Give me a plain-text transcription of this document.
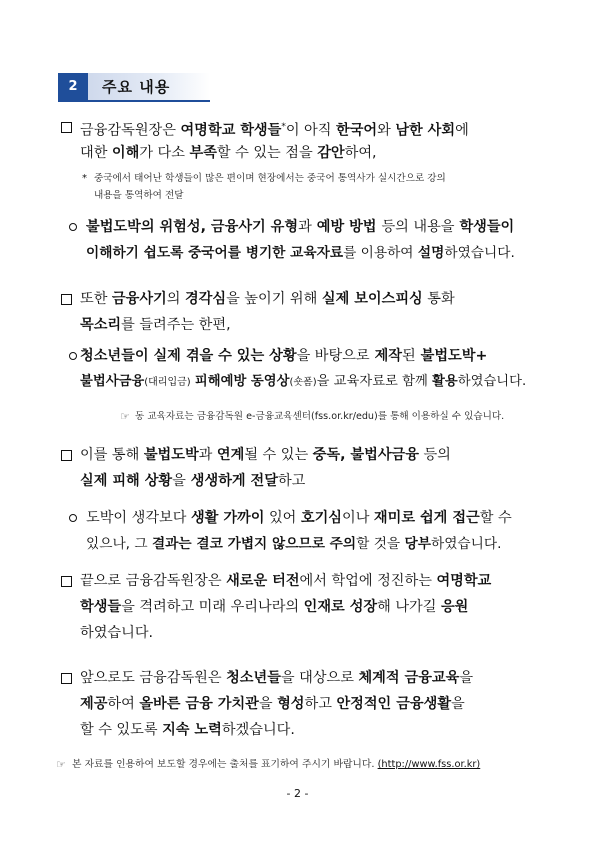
2	주요 내용
금융감독원장은 여명학교 학생들*이 아직 한국어와 남한 사회에
대한 이해가 다소 부족할 수 있는 점을 감안하여,
* 중국에서 태어난 학생들이 많은 편이며 현장에서는 중국어 통역사가 실시간으로 강의
내용을 통역하여 전달
불법도박의 위험성, 금융사기 유형과 예방 방법 등의 내용을 학생들이
이해하기 쉽도록 중국어를 병기한 교육자료를 이용하여 설명하였습니다.
또한 금융사기의 경각심을 높이기 위해 실제 보이스피싱 통화
목소리를 들려주는 한편,
청소년들이 실제 겪을 수 있는 상황을 바탕으로 제작된 불법도박+
불법사금융(대리입금) 피해예방 동영상(숏폼)을 교육자료로 함께 활용하였습니다.
☞ 동 교육자료는 금융감독원 e-금융교육센터(fss.or.kr/edu)를 통해 이용하실 수 있습니다.
이를 통해 불법도박과 연계될 수 있는 중독, 불법사금융 등의
실제 피해 상황을 생생하게 전달하고
도박이 생각보다 생활 가까이 있어 호기심이나 재미로 쉽게 접근할 수
있으나, 그 결과는 결코 가볍지 않으므로 주의할 것을 당부하였습니다.
끝으로 금융감독원장은 새로운 터전에서 학업에 정진하는 여명학교
학생들을 격려하고 미래 우리나라의 인재로 성장해 나가길 응원
하였습니다.
앞으로도 금융감독원은 청소년들을 대상으로 체계적 금융교육을
제공하여 올바른 금융 가치관을 형성하고 안정적인 금융생활을
할 수 있도록 지속 노력하겠습니다.
☞ 본 자료를 인용하여 보도할 경우에는 출처를 표기하여 주시기 바랍니다. (http://www.fss.or.kr)
- 2 -
